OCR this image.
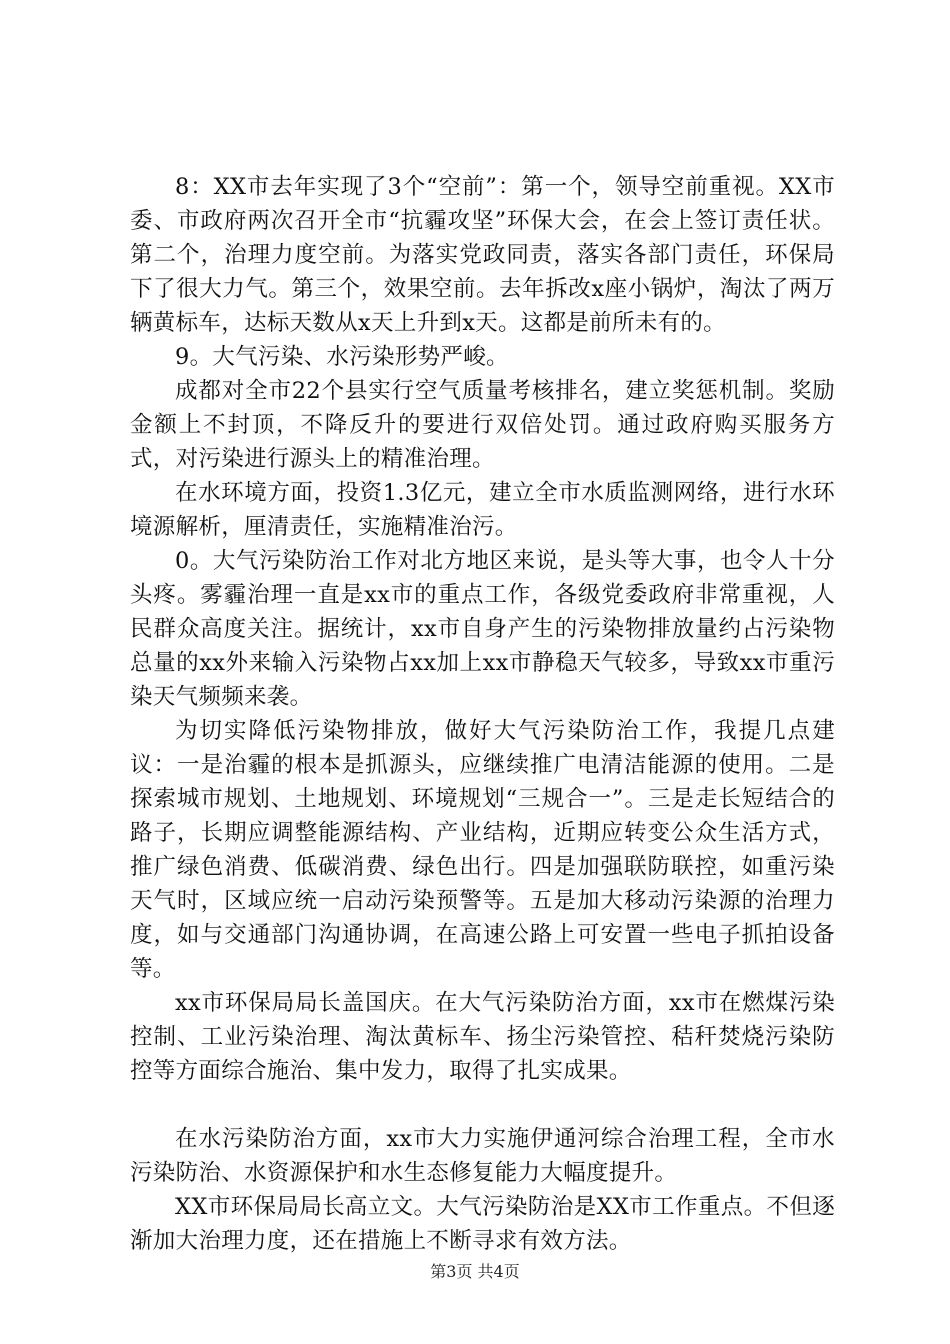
8：XX市去年实现了3个“空前”：第一个，领导空前重视。XX市委、市政府两次召开全市“抗霾攻坚”环保大会，在会上签订责任状。第二个，治理力度空前。为落实党政同责，落实各部门责任，环保局下了很大力气。第三个，效果空前。去年拆改x座小锅炉，淘汰了两万辆黄标车，达标天数从x天上升到x天。这都是前所未有的。

9。大气污染、水污染形势严峻。

成都对全市22个县实行空气质量考核排名，建立奖惩机制。奖励金额上不封顶，不降反升的要进行双倍处罚。通过政府购买服务方式，对污染进行源头上的精准治理。

在水环境方面，投资1.3亿元，建立全市水质监测网络，进行水环境源解析，厘清责任，实施精准治污。

0。大气污染防治工作对北方地区来说，是头等大事，也令人十分头疼。雾霾治理一直是xx市的重点工作，各级党委政府非常重视，人民群众高度关注。据统计，xx市自身产生的污染物排放量约占污染物总量的xx外来输入污染物占xx加上xx市静稳天气较多，导致xx市重污染天气频频来袭。

为切实降低污染物排放，做好大气污染防治工作，我提几点建议：一是治霾的根本是抓源头，应继续推广电清洁能源的使用。二是探索城市规划、土地规划、环境规划“三规合一”。三是走长短结合的路子，长期应调整能源结构、产业结构，近期应转变公众生活方式，推广绿色消费、低碳消费、绿色出行。四是加强联防联控，如重污染天气时，区域应统一启动污染预警等。五是加大移动污染源的治理力度，如与交通部门沟通协调，在高速公路上可安置一些电子抓拍设备等。

xx市环保局局长盖国庆。在大气污染防治方面，xx市在燃煤污染控制、工业污染治理、淘汰黄标车、扬尘污染管控、秸秆焚烧污染防控等方面综合施治、集中发力，取得了扎实成果。

在水污染防治方面，xx市大力实施伊通河综合治理工程，全市水污染防治、水资源保护和水生态修复能力大幅度提升。

XX市环保局局长高立文。大气污染防治是XX市工作重点。不但逐渐加大治理力度，还在措施上不断寻求有效方法。

第3页 共4页
